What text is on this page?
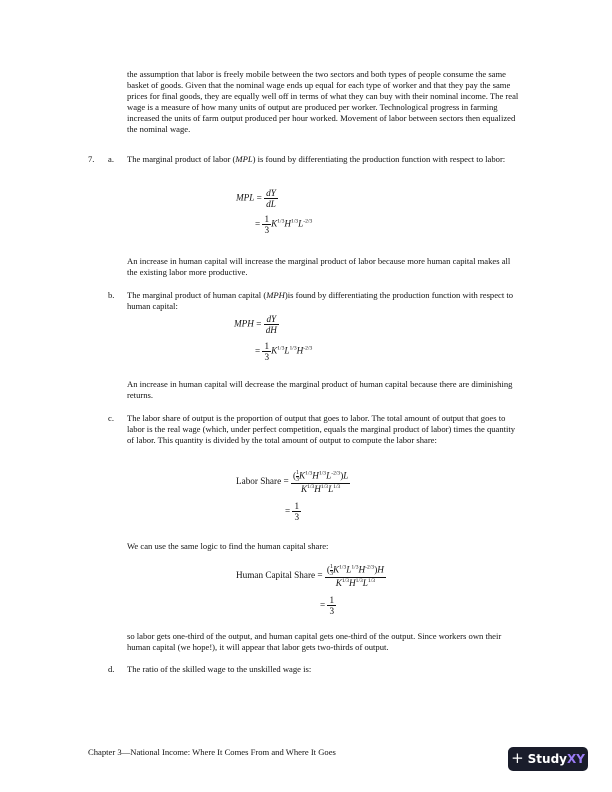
the assumption that labor is freely mobile between the two sectors and both types of people consume the same basket of goods. Given that the nominal wage ends up equal for each type of worker and that they pay the same prices for final goods, they are equally well off in terms of what they can buy with their nominal income. The real wage is a measure of how many units of output are produced per worker. Technological progress in farming increased the units of farm output produced per hour worked. Movement of labor between sectors then equalized the nominal wage.
7. a. The marginal product of labor (MPL) is found by differentiating the production function with respect to labor:
MPL = $\frac{dY}{dL}$
= $\frac{1}{3} K^{1/3}H^{1/3}L^{-2/3}$
An increase in human capital will increase the marginal product of labor because more human capital makes all the existing labor more productive.
b. The marginal product of human capital (MPH)is found by differentiating the production function with respect to human capital:
MPH = $\frac{dY}{dH}$
= $\frac{1}{3} K^{1/3}L^{1/3}H^{-2/3}$
An increase in human capital will decrease the marginal product of human capital because there are diminishing returns.
c. The labor share of output is the proportion of output that goes to labor. The total amount of output that goes to labor is the real wage (which, under perfect competition, equals the marginal product of labor) times the quantity of labor. This quantity is divided by the total amount of output to compute the labor share:
Labor Share = $\frac{( \frac{1}{3} K^{1/3}H^{1/3}L^{-2/3})L}{K^{1/3}H^{1/3}L^{1/3}}$
= $\frac{1}{3}$
We can use the same logic to find the human capital share:
Human Capital Share = $\frac{( \frac{1}{3} K^{1/3}L^{1/3}H^{-2/3})H}{K^{1/3}H^{1/3}L^{1/3}}$
= $\frac{1}{3}$
so labor gets one-third of the output, and human capital gets one-third of the output. Since workers own their human capital (we hope!), it will appear that labor gets two-thirds of output.
d. The ratio of the skilled wage to the unskilled wage is:
Chapter 3—National Income: Where It Comes From and Where It Goes	+ StudyXY
